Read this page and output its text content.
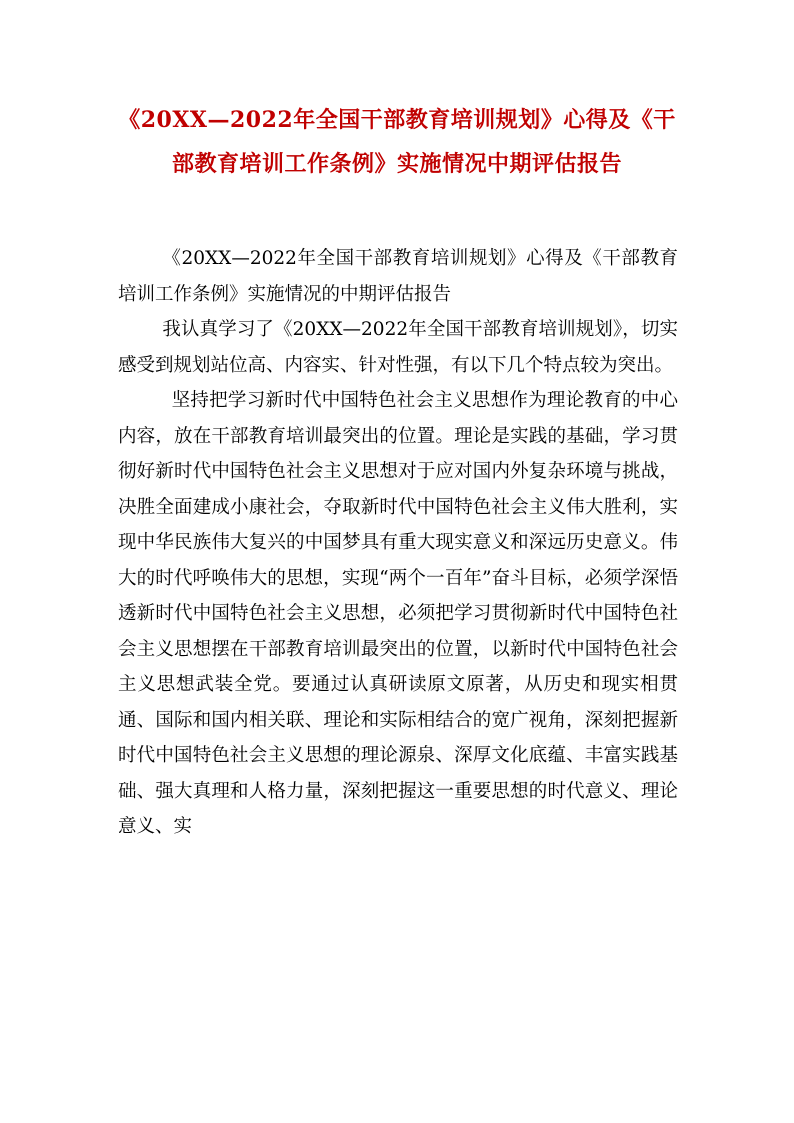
《20XX—2022年全国干部教育培训规划》心得及《干部教育培训工作条例》实施情况中期评估报告

《20XX—2022年全国干部教育培训规划》心得及《干部教育培训工作条例》实施情况的中期评估报告

我认真学习了《20XX—2022年全国干部教育培训规划》，切实感受到规划站位高、内容实、针对性强，有以下几个特点较为突出。

坚持把学习新时代中国特色社会主义思想作为理论教育的中心内容，放在干部教育培训最突出的位置。理论是实践的基础，学习贯彻好新时代中国特色社会主义思想对于应对国内外复杂环境与挑战，决胜全面建成小康社会，夺取新时代中国特色社会主义伟大胜利，实现中华民族伟大复兴的中国梦具有重大现实意义和深远历史意义。伟大的时代呼唤伟大的思想，实现“两个一百年”奋斗目标，必须学深悟透新时代中国特色社会主义思想，必须把学习贯彻新时代中国特色社会主义思想摆在干部教育培训最突出的位置，以新时代中国特色社会主义思想武装全党。要通过认真研读原文原著，从历史和现实相贯通、国际和国内相关联、理论和实际相结合的宽广视角，深刻把握新时代中国特色社会主义思想的理论源泉、深厚文化底蕴、丰富实践基础、强大真理和人格力量，深刻把握这一重要思想的时代意义、理论意义、实
